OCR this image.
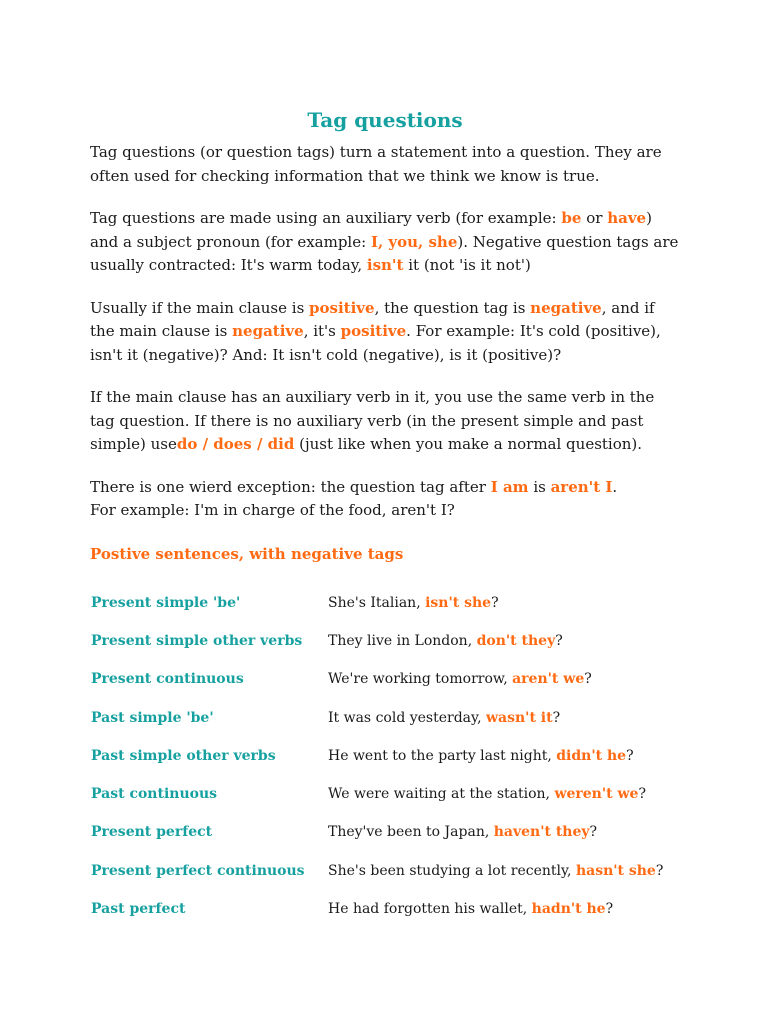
Tag questions

Tag questions (or question tags) turn a statement into a question. They are often used for checking information that we think we know is true.

Tag questions are made using an auxiliary verb (for example: be or have) and a subject pronoun (for example: I, you, she). Negative question tags are usually contracted: It's warm today, isn't it (not 'is it not')

Usually if the main clause is positive, the question tag is negative, and if the main clause is negative, it's positive. For example: It's cold (positive), isn't it (negative)? And: It isn't cold (negative), is it (positive)?

If the main clause has an auxiliary verb in it, you use the same verb in the tag question. If there is no auxiliary verb (in the present simple and past simple) usedo / does / did (just like when you make a normal question).

There is one wierd exception: the question tag after I am is aren't I.
For example: I'm in charge of the food, aren't I?

Postive sentences, with negative tags
Present simple 'be'	She's Italian, isn't she?
Present simple other verbs	They live in London, don't they?
Present continuous	We're working tomorrow, aren't we?
Past simple 'be'	It was cold yesterday, wasn't it?
Past simple other verbs	He went to the party last night, didn't he?
Past continuous	We were waiting at the station, weren't we?
Present perfect	They've been to Japan, haven't they?
Present perfect continuous	She's been studying a lot recently, hasn't she?
Past perfect	He had forgotten his wallet, hadn't he?
